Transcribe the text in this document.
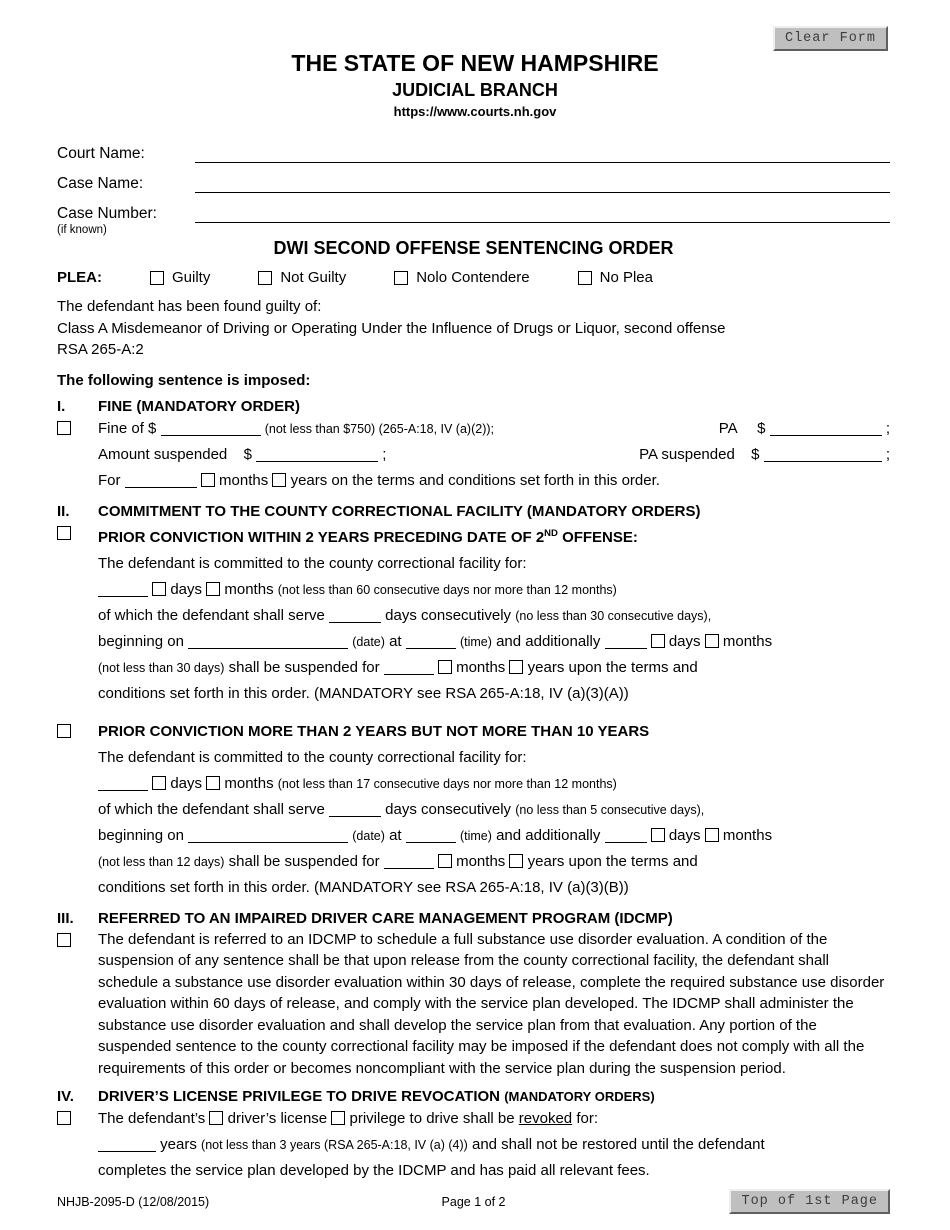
Clear Form
THE STATE OF NEW HAMPSHIRE
JUDICIAL BRANCH
https://www.courts.nh.gov
Court Name:
Case Name:
Case Number:
(if known)
DWI SECOND OFFENSE SENTENCING ORDER
PLEA:	Guilty	Not Guilty	Nolo Contendere	No Plea
The defendant has been found guilty of:
Class A Misdemeanor of Driving or Operating Under the Influence of Drugs or Liquor, second offense
RSA 265-A:2
The following sentence is imposed:
I.	FINE (MANDATORY ORDER)
Fine of $	(not less than $750) (265-A:18, IV (a)(2));	PA $	;
Amount suspended $	;	PA suspended $	;
For	months years on the terms and conditions set forth in this order.
II.	COMMITMENT TO THE COUNTY CORRECTIONAL FACILITY (MANDATORY ORDERS)
PRIOR CONVICTION WITHIN 2 YEARS PRECEDING DATE OF 2ND OFFENSE:
The defendant is committed to the county correctional facility for:
days months (not less than 60 consecutive days nor more than 12 months)
of which the defendant shall serve	days consecutively (no less than 30 consecutive days),
beginning on	(date) at	(time) and additionally	days months
(not less than 30 days) shall be suspended for	months years upon the terms and
conditions set forth in this order. (MANDATORY see RSA 265-A:18, IV (a)(3)(A))
PRIOR CONVICTION MORE THAN 2 YEARS BUT NOT MORE THAN 10 YEARS
The defendant is committed to the county correctional facility for:
days months (not less than 17 consecutive days nor more than 12 months)
of which the defendant shall serve	days consecutively (no less than 5 consecutive days),
beginning on	(date) at	(time) and additionally	days months
(not less than 12 days) shall be suspended for	months years upon the terms and
conditions set forth in this order. (MANDATORY see RSA 265-A:18, IV (a)(3)(B))
III.	REFERRED TO AN IMPAIRED DRIVER CARE MANAGEMENT PROGRAM (IDCMP)
The defendant is referred to an IDCMP to schedule a full substance use disorder evaluation. A condition of the suspension of any sentence shall be that upon release from the county correctional facility, the defendant shall schedule a substance use disorder evaluation within 30 days of release, complete the required substance use disorder evaluation within 60 days of release, and comply with the service plan developed. The IDCMP shall administer the substance use disorder evaluation and shall develop the service plan from that evaluation. Any portion of the suspended sentence to the county correctional facility may be imposed if the defendant does not comply with all the requirements of this order or becomes noncompliant with the service plan during the suspension period.
IV.	DRIVER’S LICENSE PRIVILEGE TO DRIVE REVOCATION (MANDATORY ORDERS)
The defendant’s driver’s license privilege to drive shall be revoked for:
years (not less than 3 years (RSA 265-A:18, IV (a) (4)) and shall not be restored until the defendant
completes the service plan developed by the IDCMP and has paid all relevant fees.
NHJB-2095-D (12/08/2015)	Page 1 of 2	Top of 1st Page
